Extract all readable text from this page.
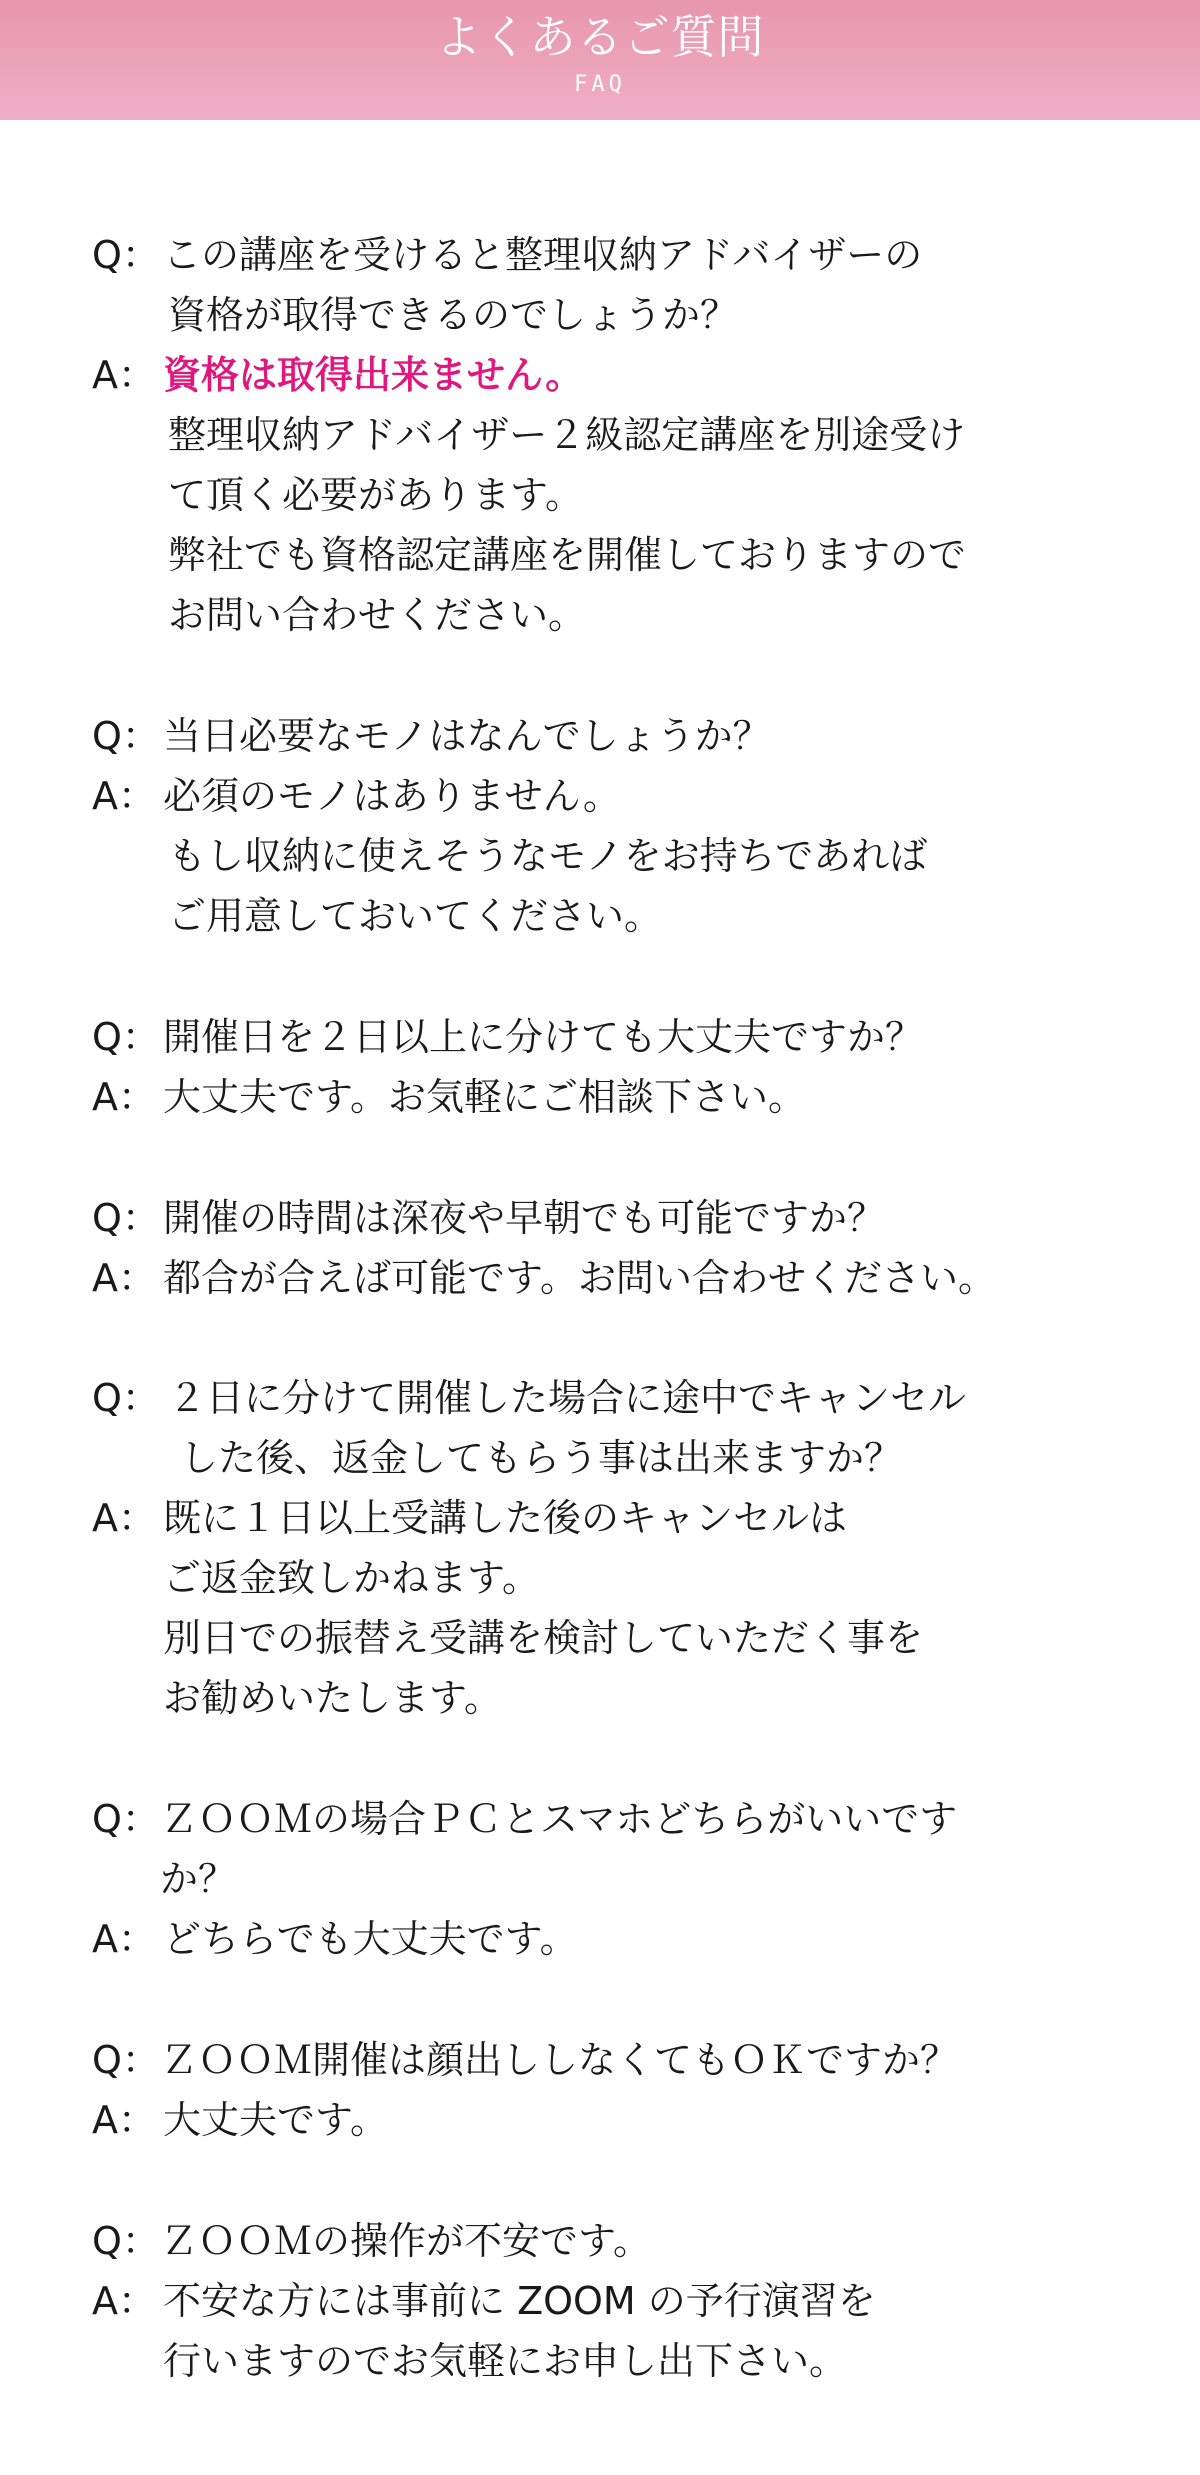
よくあるご質問
FAQ
Q： この講座を受けると整理収納アドバイザーの
資格が取得できるのでしょうか？
A： 資格は取得出来ません。
整理収納アドバイザー２級認定講座を別途受け
て頂く必要があります。
弊社でも資格認定講座を開催しておりますので
お問い合わせください。
Q： 当日必要なモノはなんでしょうか？
A： 必須のモノはありません。
もし収納に使えそうなモノをお持ちであれば
ご用意しておいてください。
Q： 開催日を２日以上に分けても大丈夫ですか？
A： 大丈夫です。お気軽にご相談下さい。
Q： 開催の時間は深夜や早朝でも可能ですか？
A： 都合が合えば可能です。お問い合わせください。
Q： ２日に分けて開催した場合に途中でキャンセル
した後、返金してもらう事は出来ますか？
A： 既に１日以上受講した後のキャンセルは
ご返金致しかねます。
別日での振替え受講を検討していただく事を
お勧めいたします。
Q： ＺＯＯＭの場合ＰＣとスマホどちらがいいです
か？
A： どちらでも大丈夫です。
Q： ＺＯＯＭ開催は顔出ししなくてもＯＫですか？
A： 大丈夫です。
Q： ＺＯＯＭの操作が不安です。
A： 不安な方には事前に ZOOM の予行演習を
行いますのでお気軽にお申し出下さい。
